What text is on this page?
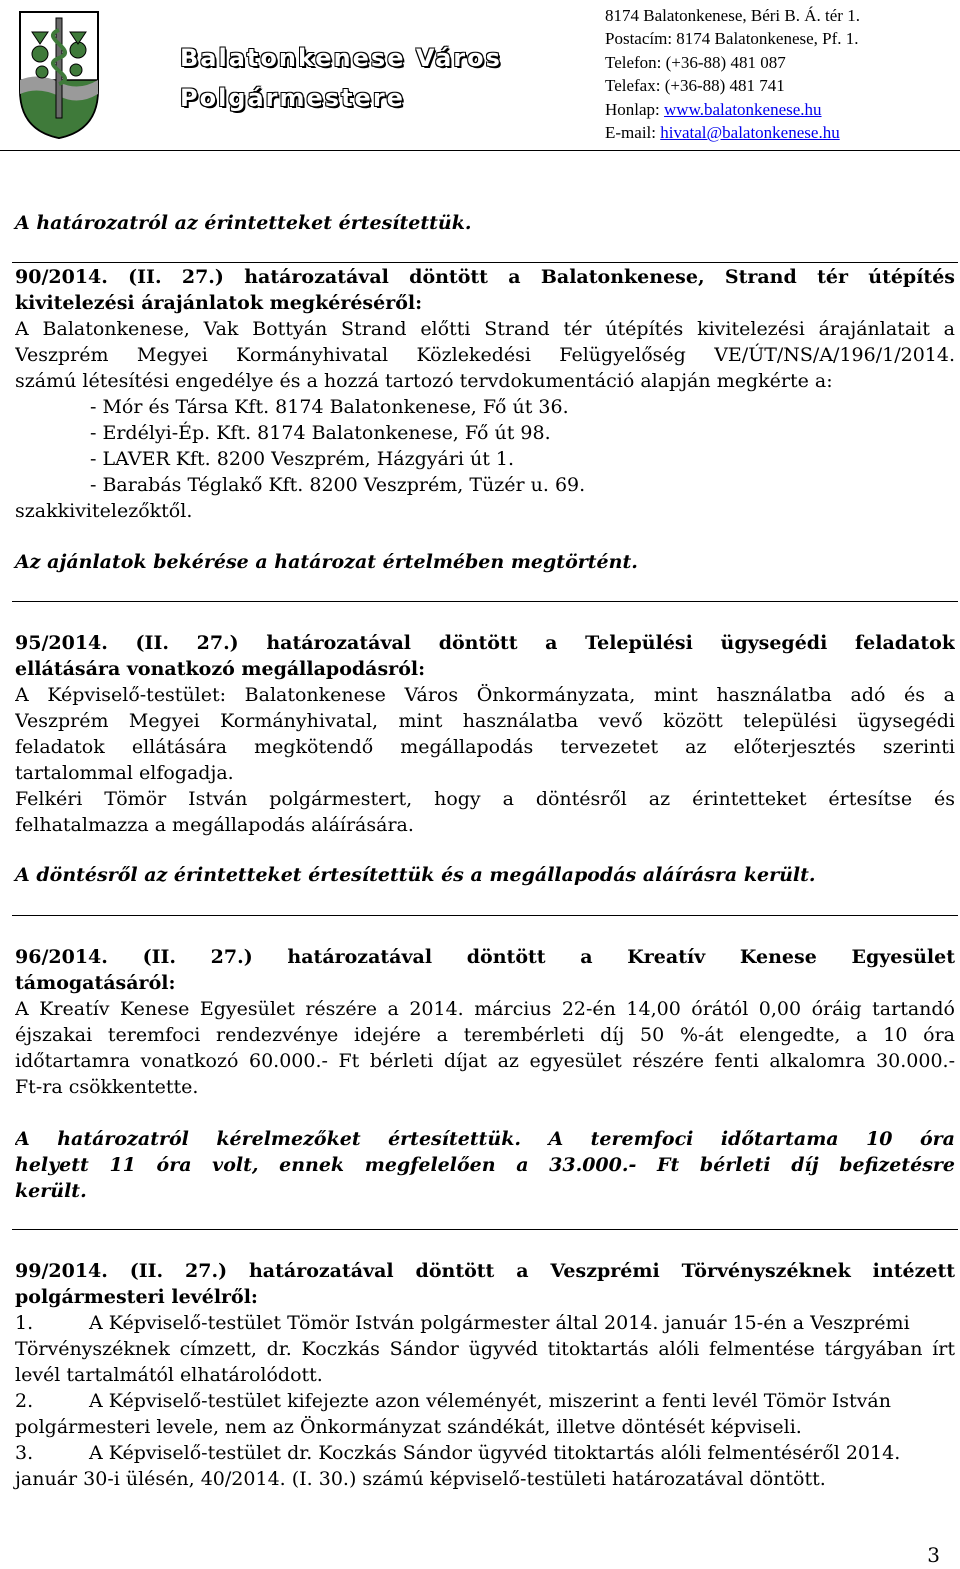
Balatonkenese Város
Polgármestere
8174 Balatonkenese, Béri B. Á. tér 1.
Postacím: 8174 Balatonkenese, Pf. 1.
Telefon: (+36-88) 481 087
Telefax: (+36-88) 481 741
Honlap: www.balatonkenese.hu
E-mail: hivatal@balatonkenese.hu
A határozatról az érintetteket értesítettük.
90/2014. (II. 27.) határozatával döntött a Balatonkenese, Strand tér útépítés
kivitelezési árajánlatok megkéréséről:
A Balatonkenese, Vak Bottyán Strand előtti Strand tér útépítés kivitelezési árajánlatait a
Veszprém Megyei Kormányhivatal Közlekedési Felügyelőség VE/ÚT/NS/A/196/1/2014.
számú létesítési engedélye és a hozzá tartozó tervdokumentáció alapján megkérte a:
- Mór és Társa Kft. 8174 Balatonkenese, Fő út 36.
- Erdélyi-Ép. Kft. 8174 Balatonkenese, Fő út 98.
- LAVER Kft. 8200 Veszprém, Házgyári út 1.
- Barabás Téglakő Kft. 8200 Veszprém, Tüzér u. 69.
szakkivitelezőktől.
Az ajánlatok bekérése a határozat értelmében megtörtént.
95/2014. (II. 27.) határozatával döntött a Települési ügysegédi feladatok
ellátására vonatkozó megállapodásról:
A Képviselő-testület: Balatonkenese Város Önkormányzata, mint használatba adó és a
Veszprém Megyei Kormányhivatal, mint használatba vevő között települési ügysegédi
feladatok ellátására megkötendő megállapodás tervezetet az előterjesztés szerinti
tartalommal elfogadja.
Felkéri Tömör István polgármestert, hogy a döntésről az érintetteket értesítse és
felhatalmazza a megállapodás aláírására.
A döntésről az érintetteket értesítettük és a megállapodás aláírásra került.
96/2014. (II. 27.) határozatával döntött a Kreatív Kenese Egyesület
támogatásáról:
A Kreatív Kenese Egyesület részére a 2014. március 22-én 14,00 órától 0,00 óráig tartandó
éjszakai teremfoci rendezvénye idejére a terembérleti díj 50 %-át elengedte, a 10 óra
időtartamra vonatkozó 60.000.- Ft bérleti díjat az egyesület részére fenti alkalomra 30.000.-
Ft-ra csökkentette.
A határozatról kérelmezőket értesítettük. A teremfoci időtartama 10 óra
helyett 11 óra volt, ennek megfelelően a 33.000.- Ft bérleti díj befizetésre
került.
99/2014. (II. 27.) határozatával döntött a Veszprémi Törvényszéknek intézett
polgármesteri levélről:
1.	A Képviselő-testület Tömör István polgármester által 2014. január 15-én a Veszprémi
Törvényszéknek címzett, dr. Koczkás Sándor ügyvéd titoktartás alóli felmentése tárgyában írt
levél tartalmától elhatárolódott.
2.	A Képviselő-testület kifejezte azon véleményét, miszerint a fenti levél Tömör István
polgármesteri levele, nem az Önkormányzat szándékát, illetve döntését képviseli.
3.	A Képviselő-testület dr. Koczkás Sándor ügyvéd titoktartás alóli felmentéséről 2014.
január 30-i ülésén, 40/2014. (I. 30.) számú képviselő-testületi határozatával döntött.
3
